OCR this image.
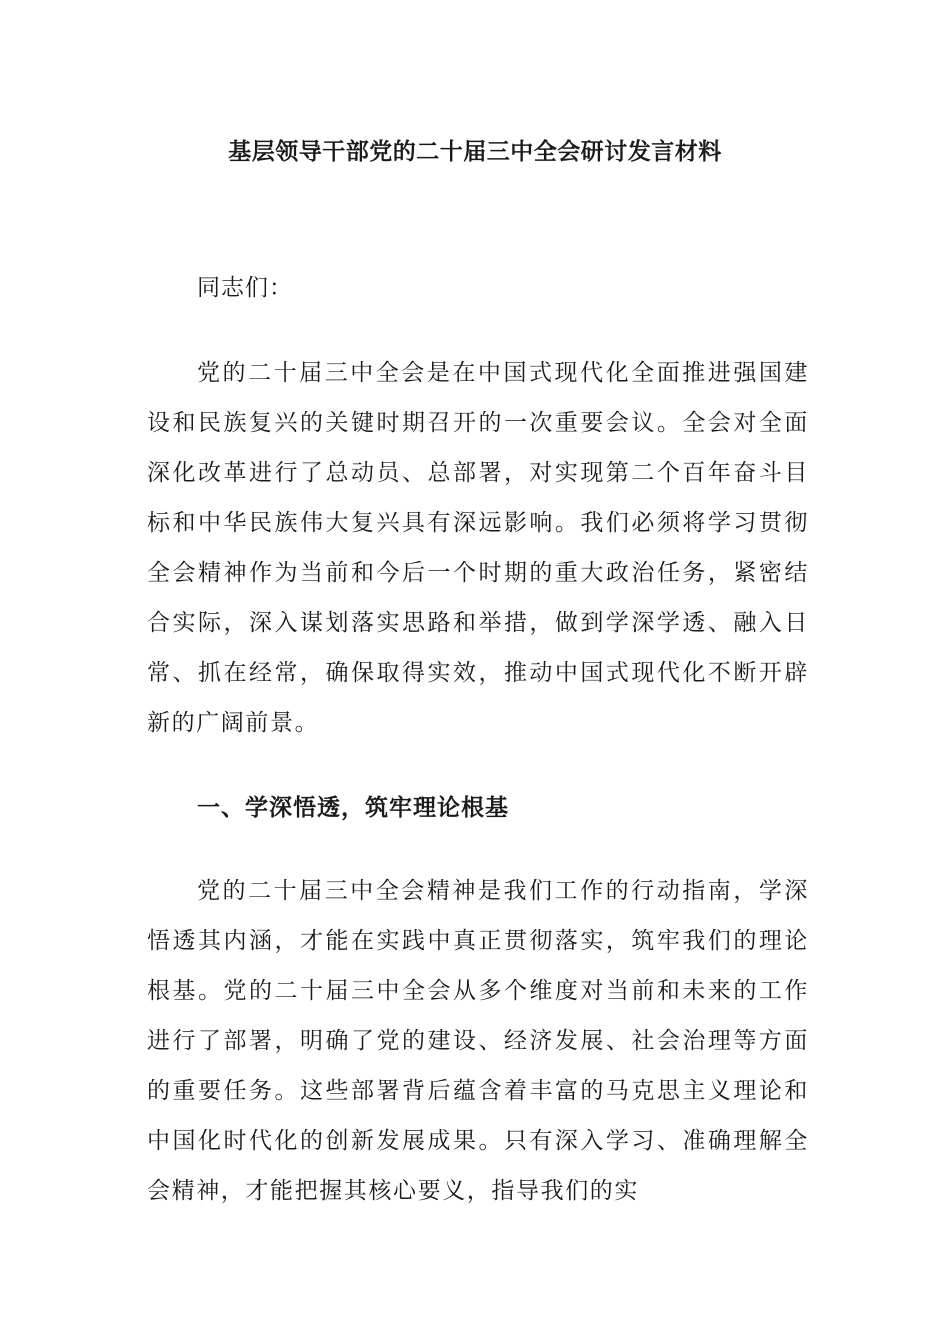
基层领导干部党的二十届三中全会研讨发言材料

同志们：

党的二十届三中全会是在中国式现代化全面推进强国建设和民族复兴的关键时期召开的一次重要会议。全会对全面深化改革进行了总动员、总部署，对实现第二个百年奋斗目标和中华民族伟大复兴具有深远影响。我们必须将学习贯彻全会精神作为当前和今后一个时期的重大政治任务，紧密结合实际，深入谋划落实思路和举措，做到学深学透、融入日常、抓在经常，确保取得实效，推动中国式现代化不断开辟新的广阔前景。

一、学深悟透，筑牢理论根基

党的二十届三中全会精神是我们工作的行动指南，学深悟透其内涵，才能在实践中真正贯彻落实，筑牢我们的理论根基。党的二十届三中全会从多个维度对当前和未来的工作进行了部署，明确了党的建设、经济发展、社会治理等方面的重要任务。这些部署背后蕴含着丰富的马克思主义理论和中国化时代化的创新发展成果。只有深入学习、准确理解全会精神，才能把握其核心要义，指导我们的实
